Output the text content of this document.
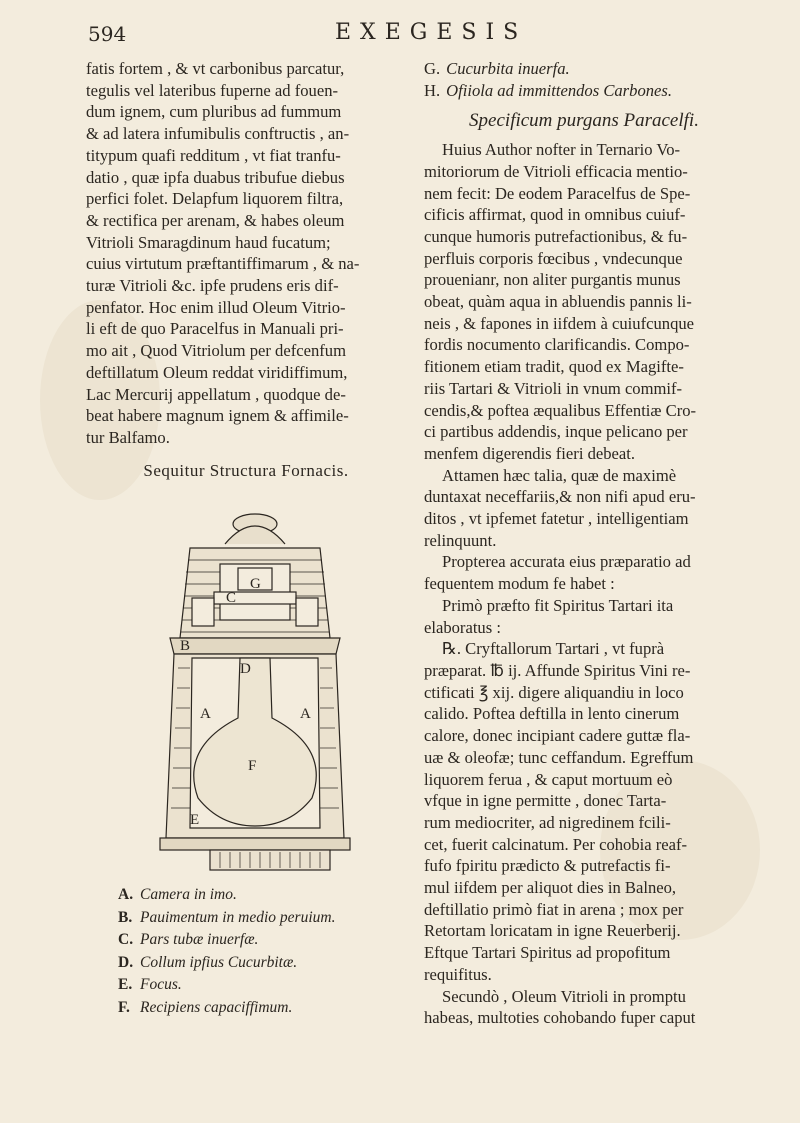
594	EXEGESIS
fatis fortem , & vt carbonibus parcatur,
tegulis vel lateribus fuperne ad fouen-
dum ignem, cum pluribus ad fummum
& ad latera infumibulis conftructis , an-
titypum quafi redditum , vt fiat tranfu-
datio , quæ ipfa duabus tribufue diebus
perfici folet. Delapfum liquorem filtra,
& rectifica per arenam, & habes oleum
Vitrioli Smaragdinum haud fucatum;
cuius virtutum præftantiffimarum , & na-
turæ Vitrioli &c. ipfe prudens eris dif-
penfator. Hoc enim illud Oleum Vitrio-
li eft de quo Paracelfus in Manuali pri-
mo ait , Quod Vitriolum per defcenfum
deftillatum Oleum reddat viridiffimum,
Lac Mercurij appellatum , quodque de-
beat habere magnum ignem & affimile-
tur Balfamo.
Sequitur Structura Fornacis.
G
C
B
D
A	A
F
E
A. Camera in imo.
B. Pauimentum in medio peruium.
C. Pars tubæ inuerfæ.
D. Collum ipfius Cucurbitæ.
E. Focus.
F. Recipiens capaciffimum.
G. Cucurbita inuerfa.
H. Ofiiola ad immittendos Carbones.
Specificum purgans Paracelfi.
Huius Author nofter in Ternario Vo-
mitoriorum de Vitrioli efficacia mentio-
nem fecit: De eodem Paracelfus de Spe-
cificis affirmat, quod in omnibus cuiuf-
cunque humoris putrefactionibus, & fu-
perfluis corporis fœcibus , vndecunque
prouenianr, non aliter purgantis munus
obeat, quàm aqua in abluendis pannis li-
neis , & fapones in iifdem à cuiufcunque
fordis nocumento clarificandis. Compo-
fitionem etiam tradit, quod ex Magifte-
riis Tartari & Vitrioli in vnum commif-
cendis,& poftea æqualibus Effentiæ Cro-
ci partibus addendis, inque pelicano per
menfem digerendis fieri debeat.
Attamen hæc talia, quæ de maximè
duntaxat neceffariis,& non nifi apud eru-
ditos , vt ipfemet fatetur , intelligentiam
relinquunt.
Propterea accurata eius præparatio ad
fequentem modum fe habet :
Primò præfto fit Spiritus Tartari ita
elaboratus :
℞. Cryftallorum Tartari , vt fuprà
præparat. ℔ ij. Affunde Spiritus Vini re-
ctificati ℥ xij. digere aliquandiu in loco
calido. Poftea deftilla in lento cinerum
calore, donec incipiant cadere guttæ fla-
uæ & oleofæ; tunc ceffandum. Egreffum
liquorem ferua , & caput mortuum eò
vfque in igne permitte , donec Tarta-
rum mediocriter, ad nigredinem fcili-
cet, fuerit calcinatum. Per cohobia reaf-
fufo fpiritu prædicto & putrefactis fi-
mul iifdem per aliquot dies in Balneo,
deftillatio primò fiat in arena ; mox per
Retortam loricatam in igne Reuerberij.
Eftque Tartari Spiritus ad propofitum
requifitus.
Secundò , Oleum Vitrioli in promptu
habeas, multoties cohobando fuper caput
